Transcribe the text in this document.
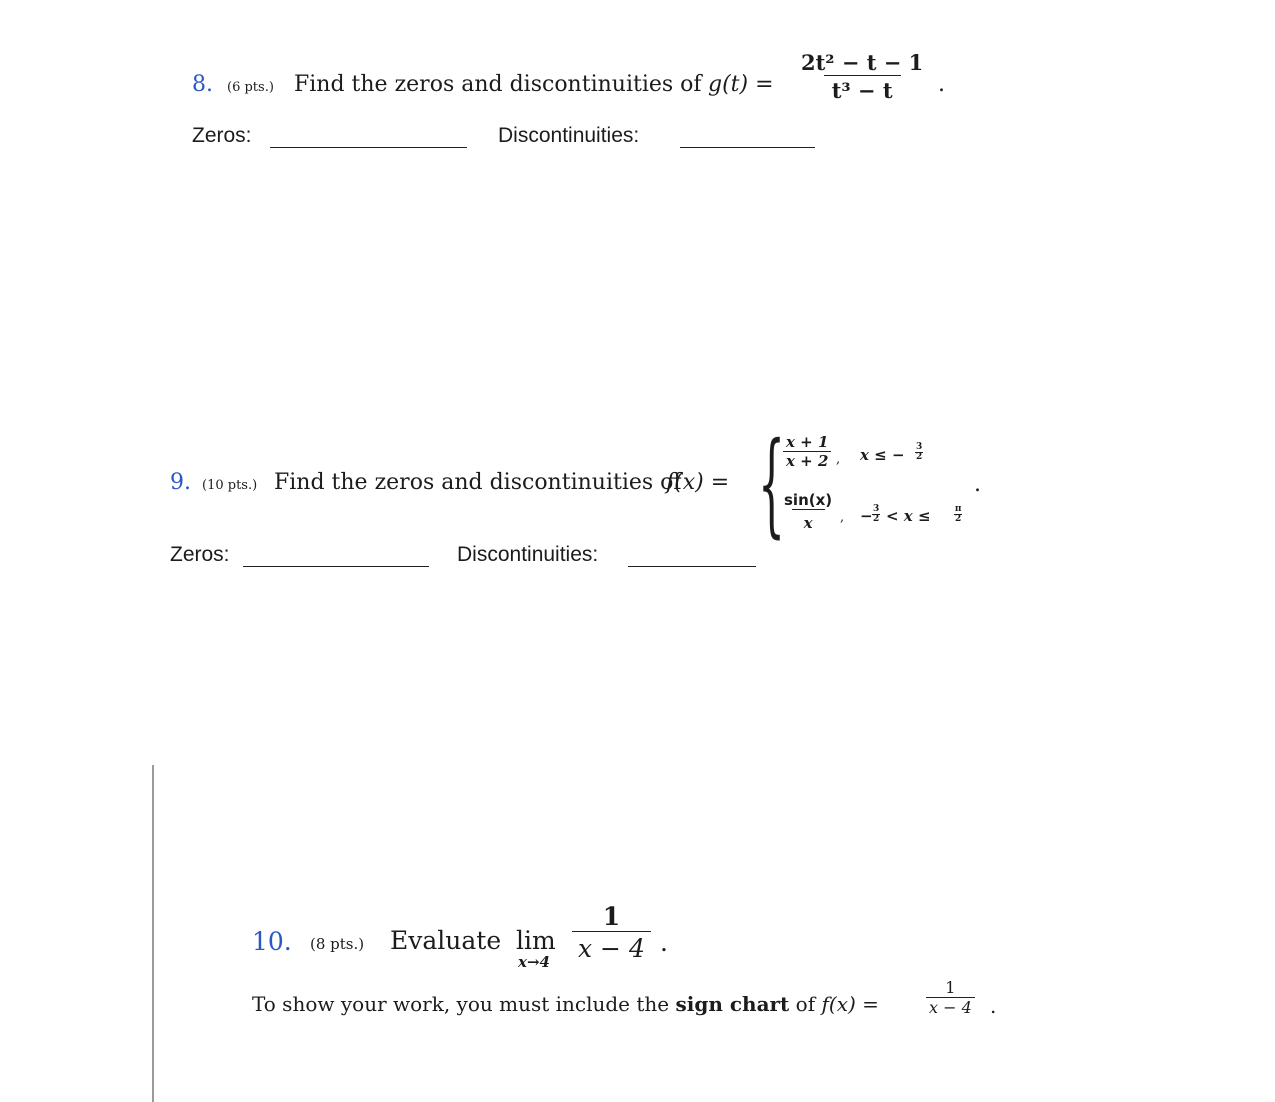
8. (6 pts.) Find the zeros and discontinuities of $g(t) = \frac{\text{2t² − t − 1}}{\text{t³ − t}}$ .
Zeros:	Discontinuities:
9. (10 pts.) Find the zeros and discontinuities of
f(x) = {
$\frac{x + 1}{x + 2}$ , x ≤ − $\frac{3}{2}$
$\frac{\sin(x)}{x}$ , − $\frac{3}{2} < x$ ≤	$\frac{\pi}{2}$
.
Zeros:	Discontinuities:
10. (8 pts.) Evaluate lim
$x\to 4 \frac{1}{x - 4}$ .
To show your work, you must include the sign chart of f(x) =	$\frac{1}{x - 4}$ .
